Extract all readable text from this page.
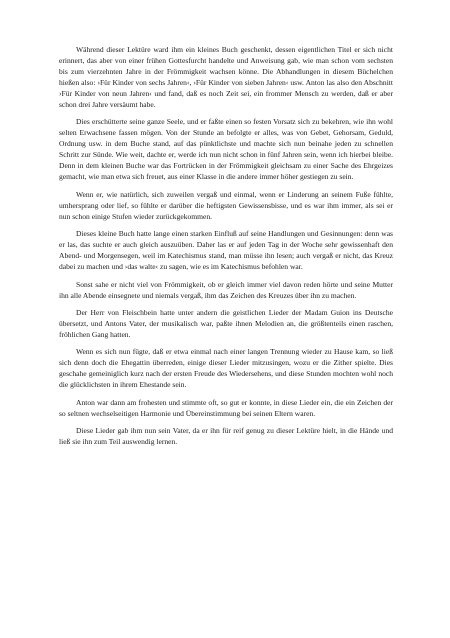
Während dieser Lektüre ward ihm ein kleines Buch geschenkt, dessen eigentlichen Titel er sich nicht erinnert, das aber von einer frühen Gottesfurcht handelte und Anweisung gab, wie man schon vom sechsten bis zum vierzehnten Jahre in der Frömmigkeit wachsen könne. Die Abhandlungen in diesem Büchelchen hießen also: ›Für Kinder von sechs Jahren‹, ›Für Kinder von sieben Jahren‹ usw. Anton las also den Abschnitt ›Für Kinder von neun Jahren‹ und fand, daß es noch Zeit sei, ein frommer Mensch zu werden, daß er aber schon drei Jahre versäumt habe.

Dies erschütterte seine ganze Seele, und er faßte einen so festen Vorsatz sich zu bekehren, wie ihn wohl selten Erwachsene fassen mögen. Von der Stunde an befolgte er alles, was von Gebet, Gehorsam, Geduld, Ordnung usw. in dem Buche stand, auf das pünktlichste und machte sich nun beinahe jeden zu schnellen Schritt zur Sünde. Wie weit, dachte er, werde ich nun nicht schon in fünf Jahren sein, wenn ich hierbei bleibe. Denn in dem kleinen Buche war das Fortrücken in der Frömmigkeit gleichsam zu einer Sache des Ehrgeizes gemacht, wie man etwa sich freuet, aus einer Klasse in die andere immer höher gestiegen zu sein.

Wenn er, wie natürlich, sich zuweilen vergaß und einmal, wenn er Linderung an seinem Fuße fühlte, umhersprang oder lief, so fühlte er darüber die heftigsten Gewissensbisse, und es war ihm immer, als sei er nun schon einige Stufen wieder zurückgekommen.

Dieses kleine Buch hatte lange einen starken Einfluß auf seine Handlungen und Gesinnungen: denn was er las, das suchte er auch gleich auszuüben. Daher las er auf jeden Tag in der Woche sehr gewissenhaft den Abend- und Morgensegen, weil im Katechismus stand, man müsse ihn lesen; auch vergaß er nicht, das Kreuz dabei zu machen und ›das walte‹ zu sagen, wie es im Katechismus befohlen war.

Sonst sahe er nicht viel von Frömmigkeit, ob er gleich immer viel davon reden hörte und seine Mutter ihn alle Abende einsegnete und niemals vergaß, ihm das Zeichen des Kreuzes über ihn zu machen.

Der Herr von Fleischbein hatte unter andern die geistlichen Lieder der Madam Guion ins Deutsche übersetzt, und Antons Vater, der musikalisch war, paßte ihnen Melodien an, die größtenteils einen raschen, fröhlichen Gang hatten.

Wenn es sich nun fügte, daß er etwa einmal nach einer langen Trennung wieder zu Hause kam, so ließ sich denn doch die Ehegattin überreden, einige dieser Lieder mitzusingen, wozu er die Zither spielte. Dies geschahe gemeiniglich kurz nach der ersten Freude des Wiedersehens, und diese Stunden mochten wohl noch die glücklichsten in ihrem Ehestande sein.

Anton war dann am frohesten und stimmte oft, so gut er konnte, in diese Lieder ein, die ein Zeichen der so seltnen wechselseitigen Harmonie und Übereinstimmung bei seinen Eltern waren.

Diese Lieder gab ihm nun sein Vater, da er ihn für reif genug zu dieser Lektüre hielt, in die Hände und ließ sie ihn zum Teil auswendig lernen.
